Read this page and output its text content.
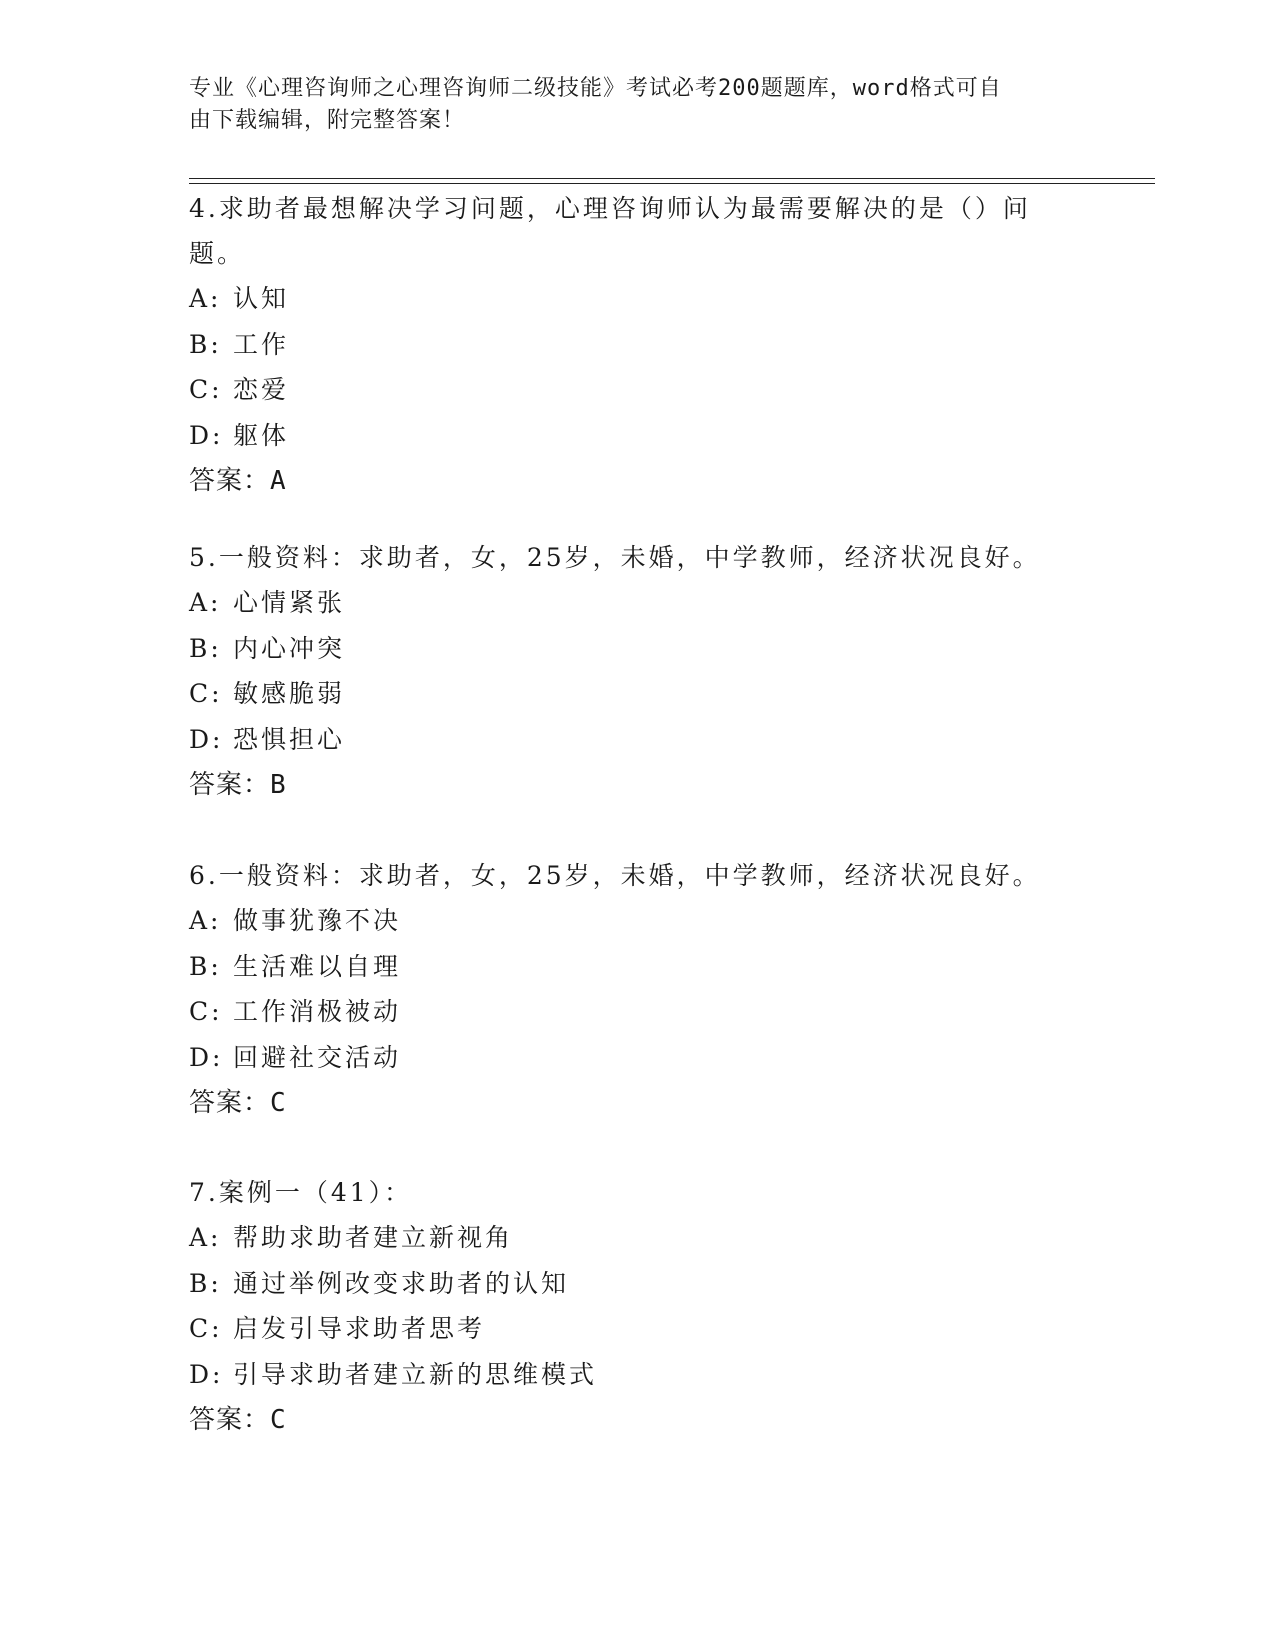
专业《心理咨询师之心理咨询师二级技能》考试必考200题题库，word格式可自
由下载编辑，附完整答案！
4.求助者最想解决学习问题，心理咨询师认为最需要解决的是（）问
题。
A: 认知
B: 工作
C: 恋爱
D: 躯体
答案：A
5.一般资料：求助者，女，25岁，未婚，中学教师，经济状况良好。
A: 心情紧张
B: 内心冲突
C: 敏感脆弱
D: 恐惧担心
答案：B
6.一般资料：求助者，女，25岁，未婚，中学教师，经济状况良好。
A: 做事犹豫不决
B: 生活难以自理
C: 工作消极被动
D: 回避社交活动
答案：C
7.案例一（41）：
A: 帮助求助者建立新视角
B: 通过举例改变求助者的认知
C: 启发引导求助者思考
D: 引导求助者建立新的思维模式
答案：C
